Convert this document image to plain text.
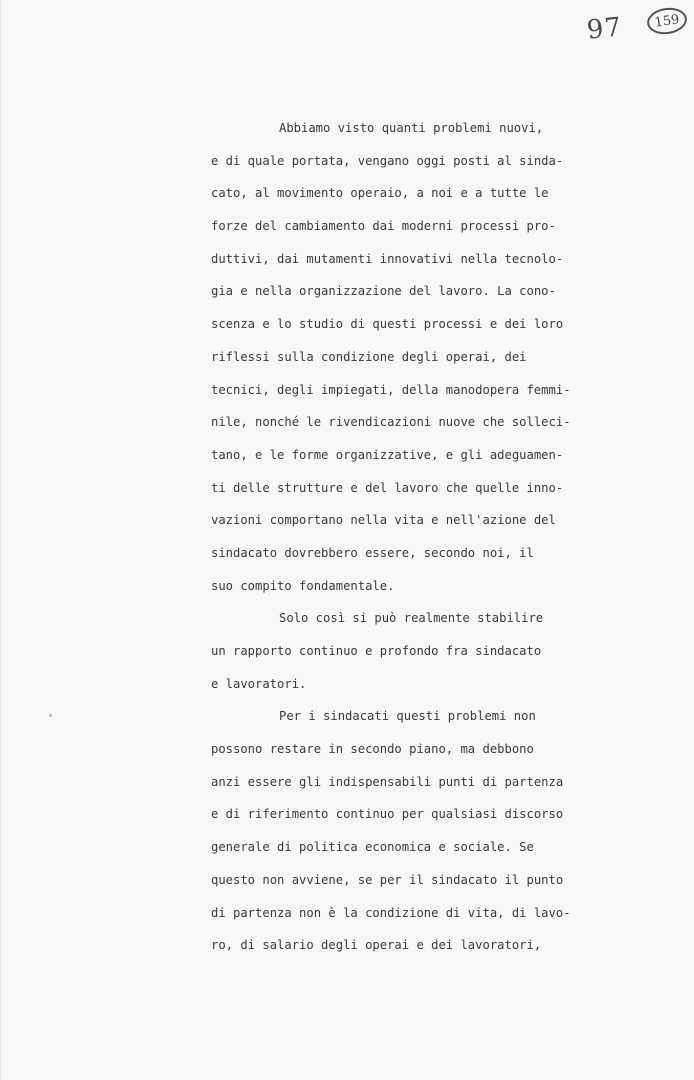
97 159
Abbiamo visto quanti problemi nuovi,
e di quale portata, vengano oggi posti al sinda-
cato, al movimento operaio, a noi e a tutte le
forze del cambiamento dai moderni processi pro-
duttivi, dai mutamenti innovativi nella tecnolo-
gia e nella organizzazione del lavoro. La cono-
scenza e lo studio di questi processi e dei loro
riflessi sulla condizione degli operai, dei
tecnici, degli impiegati, della manodopera femmi-
nile, nonché le rivendicazioni nuove che solleci-
tano, e le forme organizzative, e gli adeguamen-
ti delle strutture e del lavoro che quelle inno-
vazioni comportano nella vita e nell'azione del
sindacato dovrebbero essere, secondo noi, il
suo compito fondamentale.
Solo così si può realmente stabilire
un rapporto continuo e profondo fra sindacato
e lavoratori.
Per i sindacati questi problemi non
possono restare in secondo piano, ma debbono
anzi essere gli indispensabili punti di partenza
e di riferimento continuo per qualsiasi discorso
generale di politica economica e sociale. Se
questo non avviene, se per il sindacato il punto
di partenza non è la condizione di vita, di lavo-
ro, di salario degli operai e dei lavoratori,
